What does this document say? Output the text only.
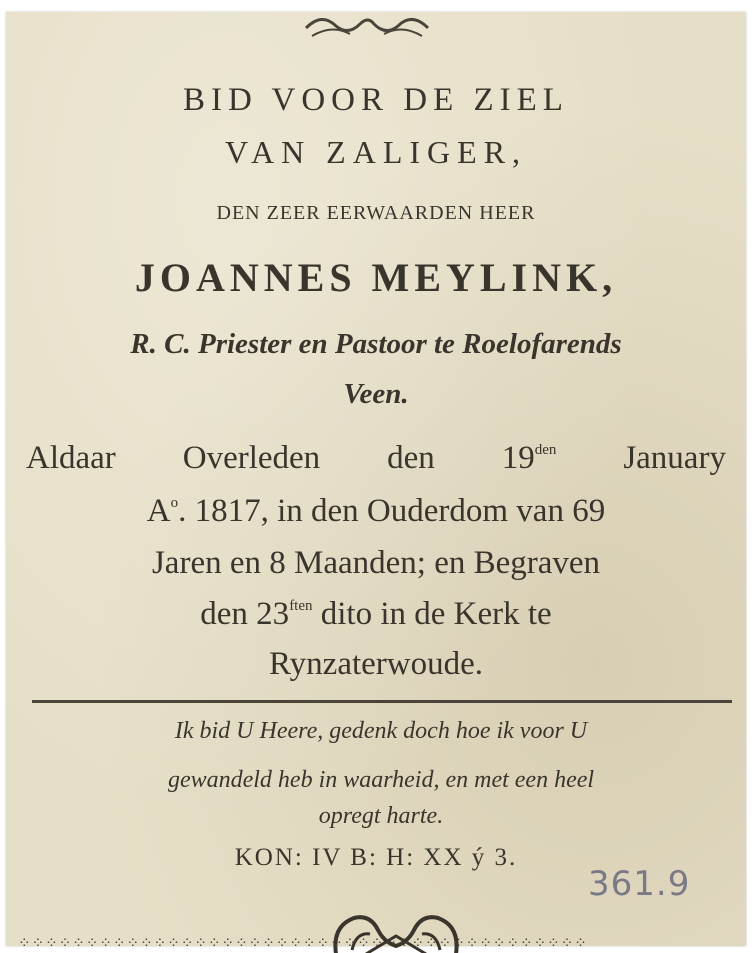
BID VOOR DE ZIEL
VAN ZALIGER,
DEN ZEER EERWAARDEN HEER
JOANNES MEYLINK,
R. C. Priester en Pastoor te Roelofarends
Veen.
Aldaar Overleden den $19^{den}$ January
$A^o$. 1817, in den Ouderdom van 69
Jaren en 8 Maanden; en Begraven
den $23^{ften}$ dito in de Kerk te
Rynzaterwoude.
Ik bid U Heere, gedenk doch hoe ik voor U
gewandeld heb in waarheid, en met een heel
opregt harte.
KON: IV B: H: XX ý 3.
361.9
⁘⁘⁘⁘⁘⁘⁘⁘⁘⁘⁘⁘⁘⁘⁘⁘⁘⁘⁘⁘⁘⁘⁘⁘⁘⁘⁘⁘⁘⁘⁘⁘⁘⁘⁘⁘⁘⁘⁘⁘⁘⁘
